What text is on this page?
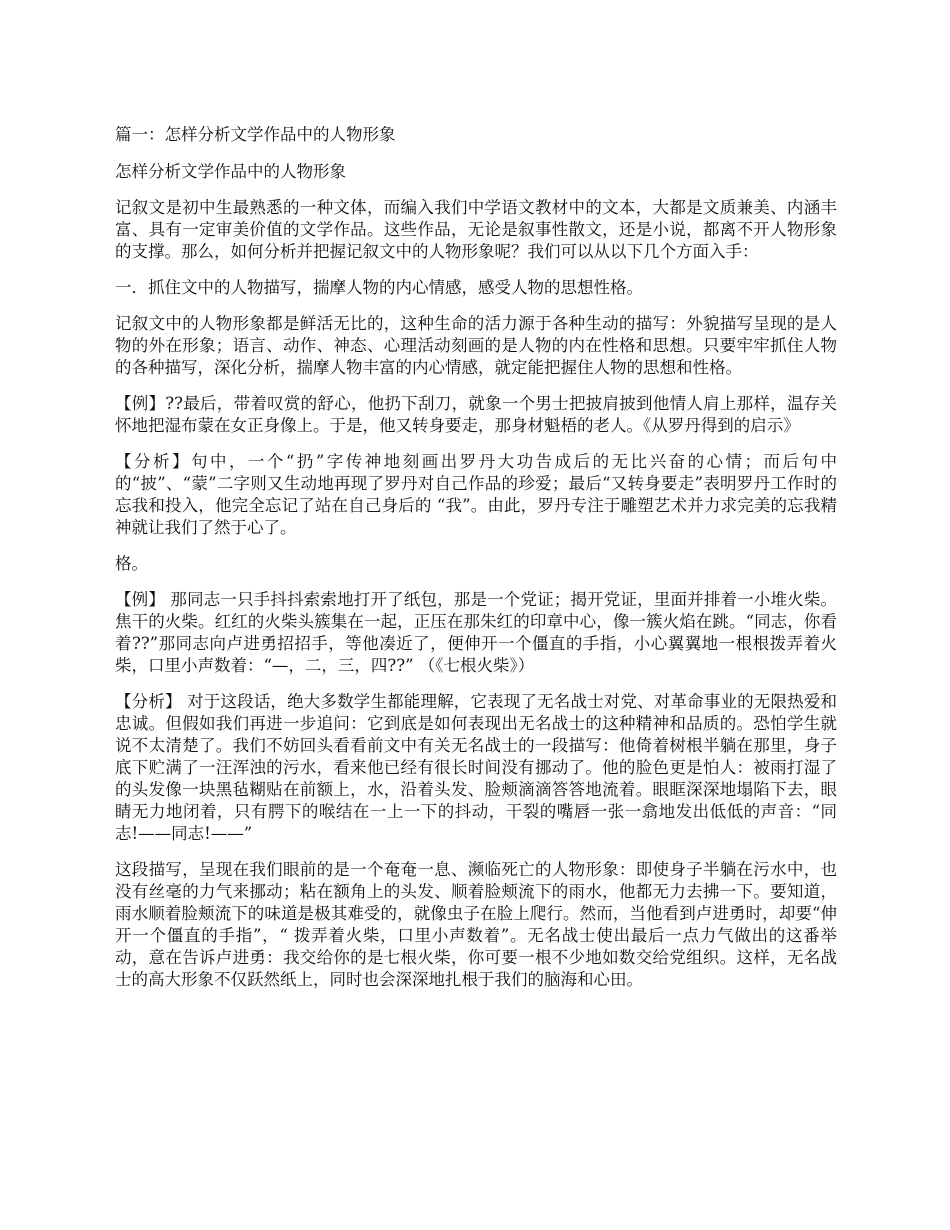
篇一：怎样分析文学作品中的人物形象

怎样分析文学作品中的人物形象

记叙文是初中生最熟悉的一种文体，而编入我们中学语文教材中的文本，大都是文质兼美、内涵丰富、具有一定审美价值的文学作品。这些作品，无论是叙事性散文，还是小说，都离不开人物形象的支撑。那么，如何分析并把握记叙文中的人物形象呢？我们可以从以下几个方面入手：

一．抓住文中的人物描写，揣摩人物的内心情感，感受人物的思想性格。

记叙文中的人物形象都是鲜活无比的，这种生命的活力源于各种生动的描写：外貌描写呈现的是人物的外在形象；语言、动作、神态、心理活动刻画的是人物的内在性格和思想。只要牢牢抓住人物的各种描写，深化分析，揣摩人物丰富的内心情感，就定能把握住人物的思想和性格。

【例】??最后，带着叹赏的舒心，他扔下刮刀，就象一个男士把披肩披到他情人肩上那样，温存关怀地把湿布蒙在女正身像上。于是，他又转身要走，那身材魁梧的老人。《从罗丹得到的启示》

【分析】句中，一个“扔”字传神地刻画出罗丹大功告成后的无比兴奋的心情；而后句中的“披”、“蒙”二字则又生动地再现了罗丹对自己作品的珍爱；最后“又转身要走”表明罗丹工作时的忘我和投入，他完全忘记了站在自己身后的 “我”。由此，罗丹专注于雕塑艺术并力求完美的忘我精神就让我们了然于心了。

格。

【例】 那同志一只手抖抖索索地打开了纸包，那是一个党证；揭开党证，里面并排着一小堆火柴。焦干的火柴。红红的火柴头簇集在一起，正压在那朱红的印章中心，像一簇火焰在跳。“同志，你看着??”那同志向卢进勇招招手，等他凑近了，便伸开一个僵直的手指，小心翼翼地一根根拨弄着火柴，口里小声数着：“—，二，三，四??” （《七根火柴》）

【分析】 对于这段话，绝大多数学生都能理解，它表现了无名战士对党、对革命事业的无限热爱和忠诚。但假如我们再进一步追问：它到底是如何表现出无名战士的这种精神和品质的。恐怕学生就说不太清楚了。我们不妨回头看看前文中有关无名战士的一段描写：他倚着树根半躺在那里，身子底下贮满了一汪浑浊的污水，看来他已经有很长时间没有挪动了。他的脸色更是怕人：被雨打湿了的头发像一块黑毡糊贴在前额上，水，沿着头发、脸颊滴滴答答地流着。眼眶深深地塌陷下去，眼睛无力地闭着，只有腭下的喉结在一上一下的抖动，干裂的嘴唇一张一翕地发出低低的声音：“同志!——同志!——”

这段描写，呈现在我们眼前的是一个奄奄一息、濒临死亡的人物形象：即使身子半躺在污水中，也没有丝毫的力气来挪动；粘在额角上的头发、顺着脸颊流下的雨水，他都无力去拂一下。要知道，雨水顺着脸颊流下的味道是极其难受的，就像虫子在脸上爬行。然而，当他看到卢进勇时，却要“伸开一个僵直的手指”，“ 拨弄着火柴，口里小声数着”。无名战士使出最后一点力气做出的这番举动，意在告诉卢进勇：我交给你的是七根火柴，你可要一根不少地如数交给党组织。这样，无名战士的高大形象不仅跃然纸上，同时也会深深地扎根于我们的脑海和心田。
